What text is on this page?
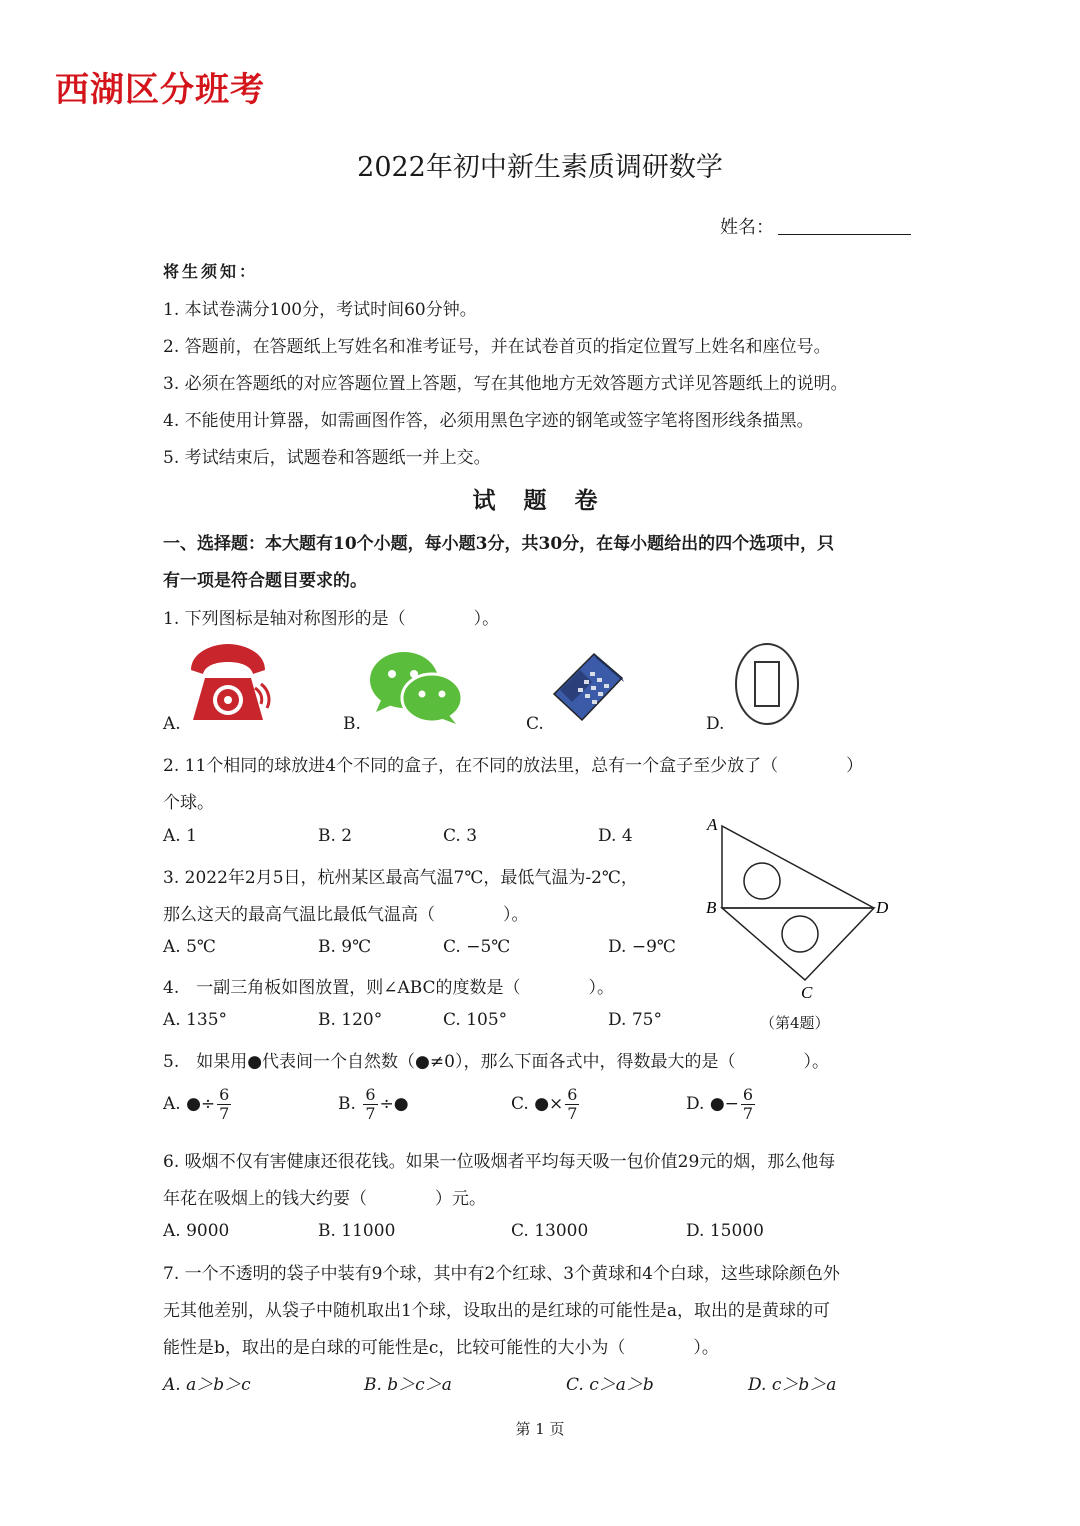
西湖区分班考
2022年初中新生素质调研数学
姓名：
将生须知：
1. 本试卷满分100分，考试时间60分钟。
2. 答题前，在答题纸上写姓名和准考证号，并在试卷首页的指定位置写上姓名和座位号。
3. 必须在答题纸的对应答题位置上答题，写在其他地方无效答题方式详见答题纸上的说明。
4. 不能使用计算器，如需画图作答，必须用黑色字迹的钢笔或签字笔将图形线条描黑。
5. 考试结束后，试题卷和答题纸一并上交。
试 题 卷
一、选择题：本大题有10个小题，每小题3分，共30分，在每小题给出的四个选项中，只
有一项是符合题目要求的。
1. 下列图标是轴对称图形的是（　　　　）。
A.	B.	C.	D.
2. 11个相同的球放进4个不同的盒子，在不同的放法里，总有一个盒子至少放了（　　　　）
个球。
A. 1	B. 2	C. 3	D. 4
3. 2022年2月5日，杭州某区最高气温7℃，最低气温为-2℃，
那么这天的最高气温比最低气温高（　　　　）。
A. 5℃	B. 9℃	C. −5℃	D. −9℃
A
B	D
C
（第4题）
4.　一副三角板如图放置，则∠ABC的度数是（　　　　）。
A. 135°	B. 120°	C. 105°	D. 75°
5.　如果用●代表间一个自然数（●≠0），那么下面各式中，得数最大的是（　　　　）。
A. ●÷ $\frac{6}{7}$	B. $\frac{6}{7}$ ÷●	C. ●× $\frac{6}{7}$	D. ●− $\frac{6}{7}$
6. 吸烟不仅有害健康还很花钱。如果一位吸烟者平均每天吸一包价值29元的烟，那么他每
年花在吸烟上的钱大约要（　　　　）元。
A. 9000	B. 11000	C. 13000	D. 15000
7. 一个不透明的袋子中装有9个球，其中有2个红球、3个黄球和4个白球，这些球除颜色外
无其他差别，从袋子中随机取出1个球，设取出的是红球的可能性是a，取出的是黄球的可
能性是b，取出的是白球的可能性是c，比较可能性的大小为（　　　　）。
A. a＞b＞c	B. b＞c＞a	C. c＞a＞b	D. c＞b＞a
第 1 页
